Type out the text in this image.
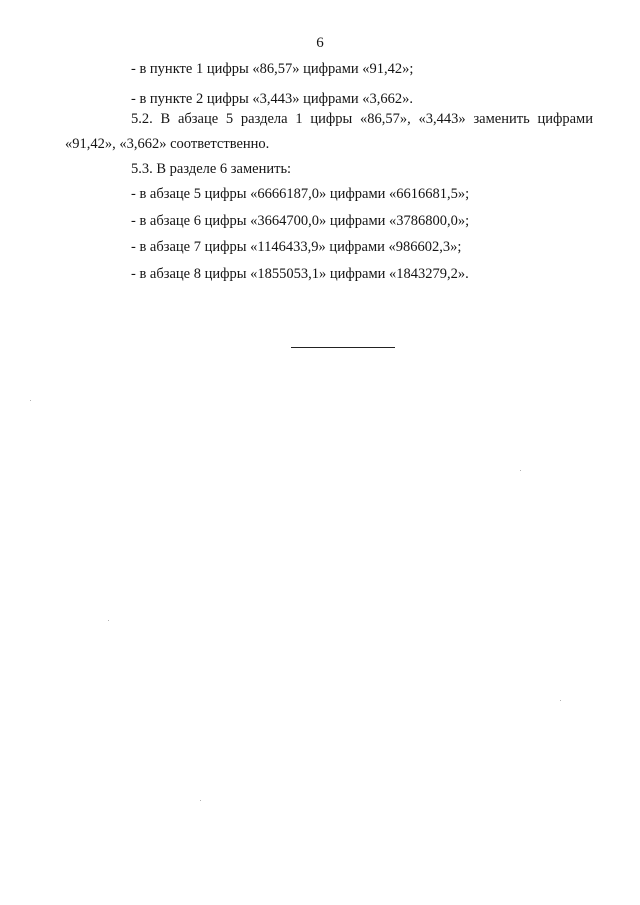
6
- в пункте 1 цифры «86,57» цифрами «91,42»;
- в пункте 2 цифры «3,443» цифрами «3,662».
5.2. В абзаце 5 раздела 1 цифры «86,57», «3,443» заменить цифрами
«91,42», «3,662» соответственно.
5.3. В разделе 6 заменить:
- в абзаце 5 цифры «6666187,0» цифрами «6616681,5»;
- в абзаце 6 цифры «3664700,0» цифрами «3786800,0»;
- в абзаце 7 цифры «1146433,9» цифрами «986602,3»;
- в абзаце 8 цифры «1855053,1» цифрами «1843279,2».
